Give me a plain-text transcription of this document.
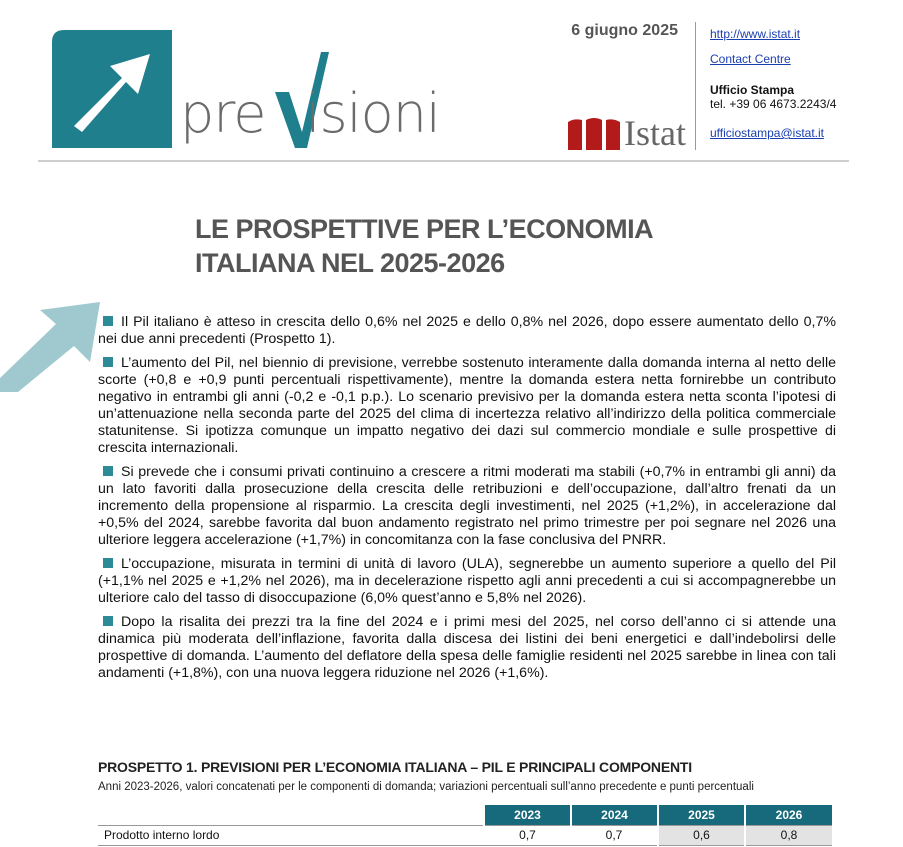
pre isioni
6 giugno 2025
Istat
http://www.istat.it
Contact Centre
Ufficio Stampa
tel. +39 06 4673.2243/4
ufficiostampa@istat.it
LE PROSPETTIVE PER L’ECONOMIA
ITALIANA NEL 2025-2026

Il Pil italiano è atteso in crescita dello 0,6% nel 2025 e dello 0,8% nel 2026, dopo essere aumentato dello 0,7% nei due anni precedenti (Prospetto 1).

L’aumento del Pil, nel biennio di previsione, verrebbe sostenuto interamente dalla domanda interna al netto delle scorte (+0,8 e +0,9 punti percentuali rispettivamente), mentre la domanda estera netta fornirebbe un contributo negativo in entrambi gli anni (-0,2 e -0,1 p.p.). Lo scenario previsivo per la domanda estera netta sconta l’ipotesi di un’attenuazione nella seconda parte del 2025 del clima di incertezza relativo all’indirizzo della politica commerciale statunitense. Si ipotizza comunque un impatto negativo dei dazi sul commercio mondiale e sulle prospettive di crescita internazionali.

Si prevede che i consumi privati continuino a crescere a ritmi moderati ma stabili (+0,7% in entrambi gli anni) da un lato favoriti dalla prosecuzione della crescita delle retribuzioni e dell’occupazione, dall’altro frenati da un incremento della propensione al risparmio. La crescita degli investimenti, nel 2025 (+1,2%), in accelerazione dal +0,5% del 2024, sarebbe favorita dal buon andamento registrato nel primo trimestre per poi segnare nel 2026 una ulteriore leggera accelerazione (+1,7%) in concomitanza con la fase conclusiva del PNRR.

L’occupazione, misurata in termini di unità di lavoro (ULA), segnerebbe un aumento superiore a quello del Pil (+1,1% nel 2025 e +1,2% nel 2026), ma in decelerazione rispetto agli anni precedenti a cui si accompagnerebbe un ulteriore calo del tasso di disoccupazione (6,0% quest’anno e 5,8% nel 2026).

Dopo la risalita dei prezzi tra la fine del 2024 e i primi mesi del 2025, nel corso dell’anno ci si attende una dinamica più moderata dell’inflazione, favorita dalla discesa dei listini dei beni energetici e dall’indebolirsi delle prospettive di domanda. L’aumento del deflatore della spesa delle famiglie residenti nel 2025 sarebbe in linea con tali andamenti (+1,8%), con una nuova leggera riduzione nel 2026 (+1,6%).

PROSPETTO 1. PREVISIONI PER L’ECONOMIA ITALIANA – PIL E PRINCIPALI COMPONENTI
Anni 2023-2026, valori concatenati per le componenti di domanda; variazioni percentuali sull’anno precedente e punti percentuali
	2023	2024	2025	2026
Prodotto interno lordo	0,7	0,7	0,6	0,8
